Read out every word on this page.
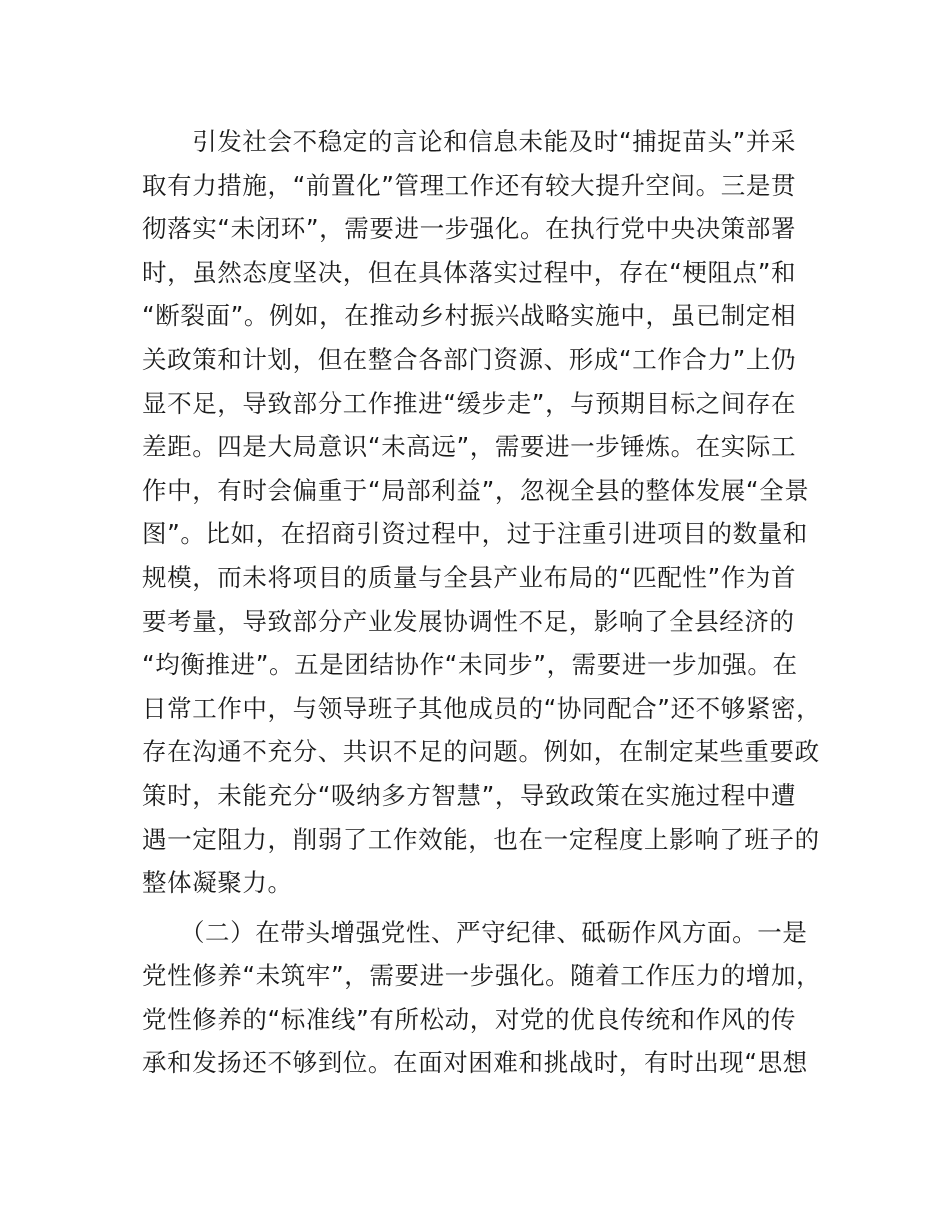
　　引发社会不稳定的言论和信息未能及时“捕捉苗头”并采
取有力措施，“前置化”管理工作还有较大提升空间。三是贯
彻落实“未闭环”，需要进一步强化。在执行党中央决策部署
时，虽然态度坚决，但在具体落实过程中，存在“梗阻点”和
“断裂面”。例如，在推动乡村振兴战略实施中，虽已制定相
关政策和计划，但在整合各部门资源、形成“工作合力”上仍
显不足，导致部分工作推进“缓步走”，与预期目标之间存在
差距。四是大局意识“未高远”，需要进一步锤炼。在实际工
作中，有时会偏重于“局部利益”，忽视全县的整体发展“全景
图”。比如，在招商引资过程中，过于注重引进项目的数量和
规模，而未将项目的质量与全县产业布局的“匹配性”作为首
要考量，导致部分产业发展协调性不足，影响了全县经济的
“均衡推进”。五是团结协作“未同步”，需要进一步加强。在
日常工作中，与领导班子其他成员的“协同配合”还不够紧密，
存在沟通不充分、共识不足的问题。例如，在制定某些重要政
策时，未能充分“吸纳多方智慧”，导致政策在实施过程中遭
遇一定阻力，削弱了工作效能，也在一定程度上影响了班子的
整体凝聚力。
　　（二）在带头增强党性、严守纪律、砥砺作风方面。一是
党性修养“未筑牢”，需要进一步强化。随着工作压力的增加，
党性修养的“标准线”有所松动，对党的优良传统和作风的传
承和发扬还不够到位。在面对困难和挑战时，有时出现“思想
